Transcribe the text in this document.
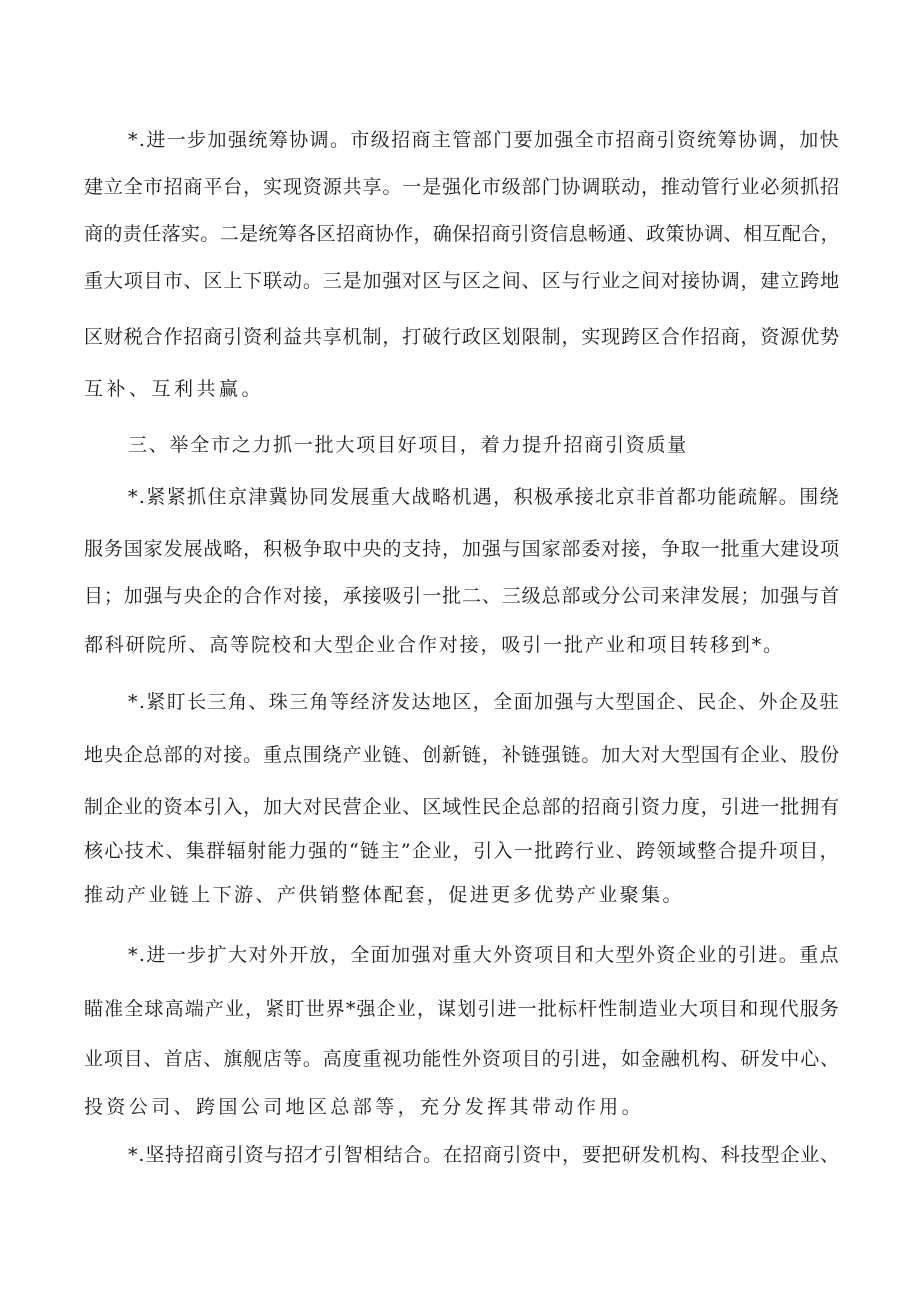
*.进一步加强统筹协调。市级招商主管部门要加强全市招商引资统筹协调，加快
建立全市招商平台，实现资源共享。一是强化市级部门协调联动，推动管行业必须抓招
商的责任落实。二是统筹各区招商协作，确保招商引资信息畅通、政策协调、相互配合，
重大项目市、区上下联动。三是加强对区与区之间、区与行业之间对接协调，建立跨地
区财税合作招商引资利益共享机制，打破行政区划限制，实现跨区合作招商，资源优势
互补、互利共赢。
三、举全市之力抓一批大项目好项目，着力提升招商引资质量
*.紧紧抓住京津冀协同发展重大战略机遇，积极承接北京非首都功能疏解。围绕
服务国家发展战略，积极争取中央的支持，加强与国家部委对接，争取一批重大建设项
目；加强与央企的合作对接，承接吸引一批二、三级总部或分公司来津发展；加强与首
都科研院所、高等院校和大型企业合作对接，吸引一批产业和项目转移到*。
*.紧盯长三角、珠三角等经济发达地区，全面加强与大型国企、民企、外企及驻
地央企总部的对接。重点围绕产业链、创新链，补链强链。加大对大型国有企业、股份
制企业的资本引入，加大对民营企业、区域性民企总部的招商引资力度，引进一批拥有
核心技术、集群辐射能力强的“链主”企业，引入一批跨行业、跨领域整合提升项目，
推动产业链上下游、产供销整体配套，促进更多优势产业聚集。
*.进一步扩大对外开放，全面加强对重大外资项目和大型外资企业的引进。重点
瞄准全球高端产业，紧盯世界*强企业，谋划引进一批标杆性制造业大项目和现代服务
业项目、首店、旗舰店等。高度重视功能性外资项目的引进，如金融机构、研发中心、
投资公司、跨国公司地区总部等，充分发挥其带动作用。
*.坚持招商引资与招才引智相结合。在招商引资中，要把研发机构、科技型企业、
